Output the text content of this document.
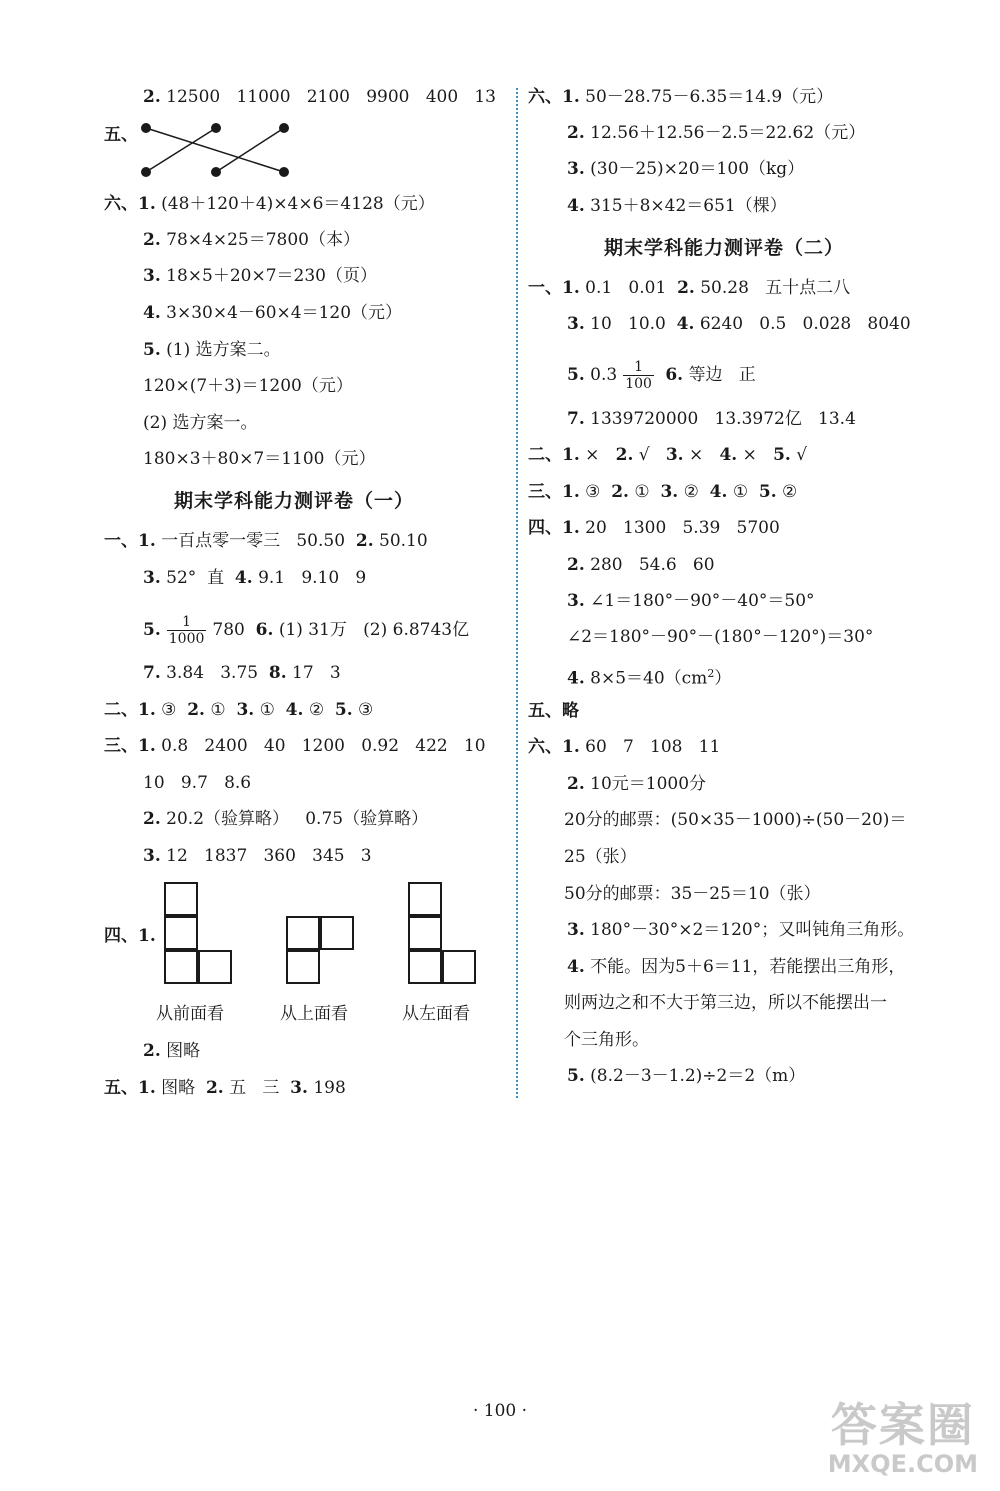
2. 12500   11000   2100   9900   400   13
五、
六、1. (48＋120＋4)×4×6＝4128（元）
2. 78×4×25＝7800（本）
3. 18×5＋20×7＝230（页）
4. 3×30×4－60×4＝120（元）
5. (1) 选方案二。
120×(7＋3)＝1200（元）
(2) 选方案一。
180×3＋80×7＝1100（元）
期末学科能力测评卷（一）
一、1. 一百点零一零三   50.50 2. 50.10
3. 52°  直 4. 9.1   9.10   9
5. $\frac{1}{1000} 780$ 6. (1) 31万   (2) 6.8743亿
7. 3.84   3.75 8. 17   3
二、1. ③ 2. ① 3. ① 4. ② 5. ③
三、1. 0.8   2400   40   1200   0.92   422   10
10   9.7   8.6
2. 20.2（验算略）   0.75（验算略）
3. 12   1837   360   345   3
四、1.
从前面看	从上面看	从左面看
2. 图略
五、1. 图略 2. 五   三 3. 198
六、1. 50－28.75－6.35＝14.9（元）
2. 12.56＋12.56－2.5＝22.62（元）
3. (30－25)×20＝100（kg）
4. 315＋8×42＝651（棵）
期末学科能力测评卷（二）
一、1. 0.1   0.01 2. 50.28   五十点二八
3. 10   10.0 4. 6240   0.5   0.028   8040
5. $0.3 \frac{1}{100} 6$. 等边   正
7. 1339720000   13.3972亿   13.4
二、1. × 2. √ 3. × 4. × 5. √
三、1. ③ 2. ① 3. ② 4. ① 5. ②
四、1. 20   1300   5.39   5700
2. 280   54.6   60
3. ∠1＝180°－90°－40°＝50°
∠2＝180°－90°－(180°－120°)＝30°
4. $8\times 5=40(cm^2)$
五、略
六、1. 60   7   108   11
2. 10元＝1000分
20分的邮票：(50×35－1000)÷(50－20)＝
25（张）
50分的邮票：35－25＝10（张）
3. 180°－30°×2＝120°；又叫钝角三角形。
4. 不能。因为5＋6＝11，若能摆出三角形，
则两边之和不大于第三边，所以不能摆出一
个三角形。
5. (8.2－3－1.2)÷2＝2（m）
· 100 ·	答案圈
MXQE.COM
